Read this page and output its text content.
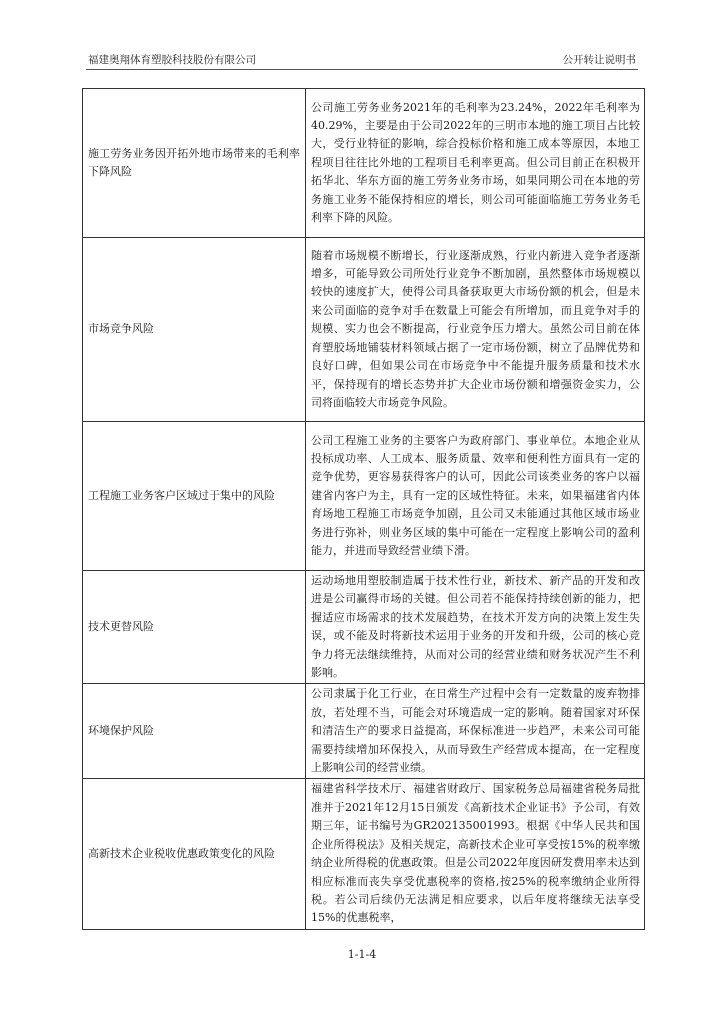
福建奥翔体育塑胶科技股份有限公司	公开转让说明书
施工劳务业务因开拓外地市场带来的毛利率下降风险	公司施工劳务业务2021年的毛利率为23.24%，2022年毛利率为40.29%，主要是由于公司2022年的三明市本地的施工项目占比较大，受行业特征的影响，综合投标价格和施工成本等原因，本地工程项目往往比外地的工程项目毛利率更高。但公司目前正在积极开拓华北、华东方面的施工劳务业务市场，如果同期公司在本地的劳务施工业务不能保持相应的增长，则公司可能面临施工劳务业务毛利率下降的风险。
市场竞争风险	随着市场规模不断增长，行业逐渐成熟，行业内新进入竞争者逐渐增多，可能导致公司所处行业竞争不断加剧，虽然整体市场规模以较快的速度扩大，使得公司具备获取更大市场份额的机会，但是未来公司面临的竞争对手在数量上可能会有所增加，而且竞争对手的规模、实力也会不断提高，行业竞争压力增大。虽然公司目前在体育塑胶场地铺装材料领域占据了一定市场份额，树立了品牌优势和良好口碑，但如果公司在市场竞争中不能提升服务质量和技术水平，保持现有的增长态势并扩大企业市场份额和增强资金实力，公司将面临较大市场竞争风险。
工程施工业务客户区域过于集中的风险	公司工程施工业务的主要客户为政府部门、事业单位。本地企业从投标成功率、人工成本、服务质量、效率和便利性方面具有一定的竞争优势，更容易获得客户的认可，因此公司该类业务的客户以福建省内客户为主，具有一定的区域性特征。未来，如果福建省内体育场地工程施工市场竞争加剧，且公司又未能通过其他区域市场业务进行弥补，则业务区域的集中可能在一定程度上影响公司的盈利能力，并进而导致经营业绩下滑。
技术更替风险	运动场地用塑胶制造属于技术性行业，新技术、新产品的开发和改进是公司赢得市场的关键。但公司若不能保持持续创新的能力，把握适应市场需求的技术发展趋势，在技术开发方向的决策上发生失误，或不能及时将新技术运用于业务的开发和升级，公司的核心竞争力将无法继续维持，从而对公司的经营业绩和财务状况产生不利影响。
环境保护风险	公司隶属于化工行业，在日常生产过程中会有一定数量的废弃物排放，若处理不当，可能会对环境造成一定的影响。随着国家对环保和清洁生产的要求日益提高，环保标准进一步趋严，未来公司可能需要持续增加环保投入，从而导致生产经营成本提高，在一定程度上影响公司的经营业绩。
高新技术企业税收优惠政策变化的风险	福建省科学技术厅、福建省财政厅、国家税务总局福建省税务局批准并于2021年12月15日颁发《高新技术企业证书》予公司，有效期三年，证书编号为GR202135001993。根据《中华人民共和国企业所得税法》及相关规定，高新技术企业可享受按15%的税率缴纳企业所得税的优惠政策。但是公司2022年度因研发费用率未达到相应标准而丧失享受优惠税率的资格,按25%的税率缴纳企业所得税。若公司后续仍无法满足相应要求，以后年度将继续无法享受15%的优惠税率，
1-1-4
